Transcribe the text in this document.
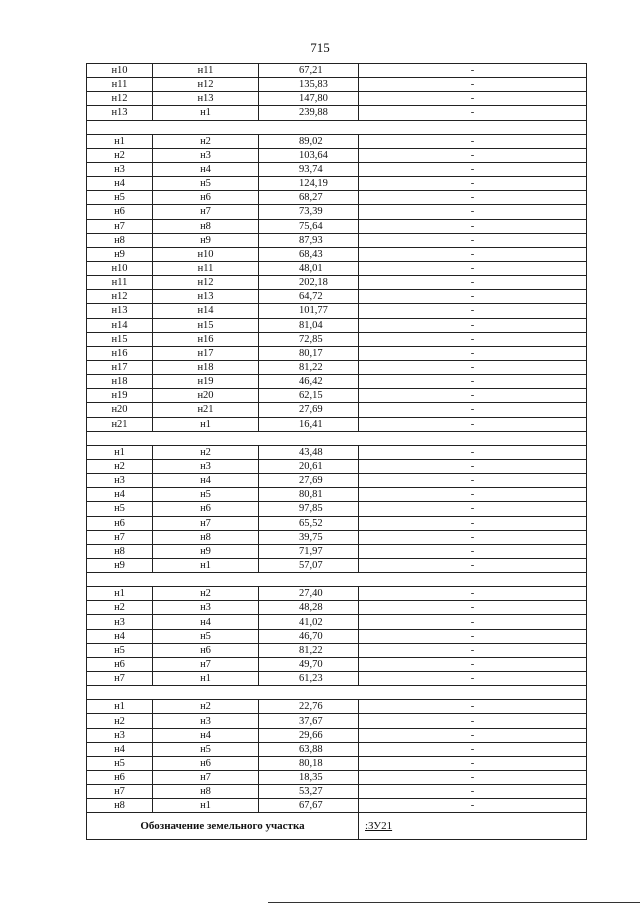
715
н10	н11	67,21	-
н11	н12	135,83	-
н12	н13	147,80	-
н13	н1	239,88	-

н1	н2	89,02	-
н2	н3	103,64	-
н3	н4	93,74	-
н4	н5	124,19	-
н5	н6	68,27	-
н6	н7	73,39	-
н7	н8	75,64	-
н8	н9	87,93	-
н9	н10	68,43	-
н10	н11	48,01	-
н11	н12	202,18	-
н12	н13	64,72	-
н13	н14	101,77	-
н14	н15	81,04	-
н15	н16	72,85	-
н16	н17	80,17	-
н17	н18	81,22	-
н18	н19	46,42	-
н19	н20	62,15	-
н20	н21	27,69	-
н21	н1	16,41	-

н1	н2	43,48	-
н2	н3	20,61	-
н3	н4	27,69	-
н4	н5	80,81	-
н5	н6	97,85	-
н6	н7	65,52	-
н7	н8	39,75	-
н8	н9	71,97	-
н9	н1	57,07	-

н1	н2	27,40	-
н2	н3	48,28	-
н3	н4	41,02	-
н4	н5	46,70	-
н5	н6	81,22	-
н6	н7	49,70	-
н7	н1	61,23	-

н1	н2	22,76	-
н2	н3	37,67	-
н3	н4	29,66	-
н4	н5	63,88	-
н5	н6	80,18	-
н6	н7	18,35	-
н7	н8	53,27	-
н8	н1	67,67	-
Обозначение земельного участка			:ЗУ21
